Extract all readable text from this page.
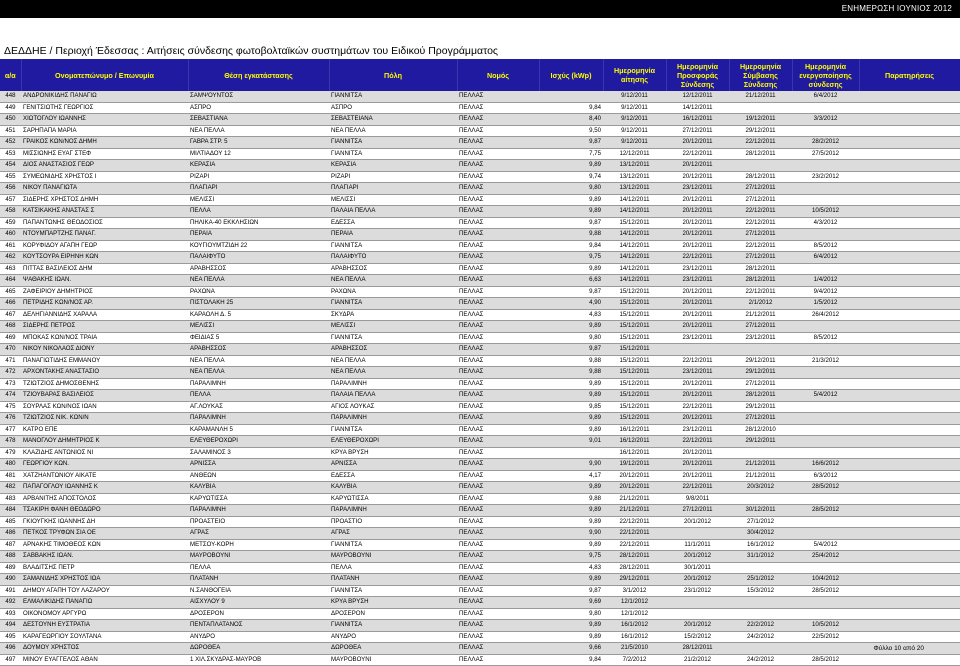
ΕΝΗΜΕΡΩΣΗ ΙΟΥΝΙΟΣ 2012
ΔΕΔΔΗΕ / Περιοχή Έδεσσας : Αιτήσεις σύνδεσης φωτοβολταϊκών συστημάτων του Ειδικού Προγράμματος
α/α	Ονοματεπώνυμο / Επωνυμία	Θέση εγκατάστασης	Πόλη	Νομός	Ισχύς (kWp)	Ημερομηνία αίτησης	Ημερομηνία Προσφοράς Σύνδεσης	Ημερομηνία Σύμβασης Σύνδεσης	Ημερομηνία ενεργοποίησης σύνδεσης	Παρατηρήσεις
448	ΑΝΔΡΟΝΙΚΙΔΗΣ ΠΑΝΑΓΙΩ	ΣΑΜΨΟΥΝΤΟΣ	ΓΙΑΝΝΙΤΣΑ	ΠΕΛΛΑΣ		9/12/2011	12/12/2011	21/12/2011	6/4/2012	
449	ΓΕΝΙΤΣΙΩΤΗΣ ΓΕΩΡΓΙΟΣ	ΑΣΠΡΟ	ΑΣΠΡΟ	ΠΕΛΛΑΣ	9,84	9/12/2011	14/12/2011			
450	ΧΙΩΤΟΓΛΟΥ ΙΩΑΝΝΗΣ	ΣΕΒΑΣΤΙΑΝΑ	ΣΕΒΑΣΤΕΙΑΝΑ	ΠΕΛΛΑΣ	8,40	9/12/2011	16/12/2011	19/12/2011	3/3/2012	
451	ΣΑΡΗΠΑΠΑ ΜΑΡΙΑ	ΝΕΑ ΠΕΛΛΑ	ΝΕΑ ΠΕΛΛΑ	ΠΕΛΛΑΣ	9,50	9/12/2011	27/12/2011	29/12/2011		
452	ΓΡΑΙΚΟΣ ΚΩΝ/ΝΟΣ ΔΗΜΗ	ΓΑΒΡΑ ΣΤΡ. 5	ΓΙΑΝΝΙΤΣΑ	ΠΕΛΛΑΣ	9,87	9/12/2011	20/12/2011	22/12/2011	28/2/2012	
453	ΜΙΣΣΙΩΝΗΣ ΕΥΑΓ ΣΤΕΦ	ΜΙΛΤΙΑΔΟΥ 12	ΓΙΑΝΝΙΤΣΑ	ΠΕΛΛΑΣ	7,75	12/12/2011	22/12/2011	28/12/2011	27/5/2012	
454	ΔΙΟΣ ΑΝΑΣΤΑΣΙΟΣ ΓΕΩΡ	ΚΕΡΑΣΙΑ	ΚΕΡΑΣΙΑ	ΠΕΛΛΑΣ	9,89	13/12/2011	20/12/2011			
455	ΣΥΜΕΩΝΙΔΗΣ ΧΡΗΣΤΟΣ Ι	ΡΙΖΑΡΙ	ΡΙΖΑΡΙ	ΠΕΛΛΑΣ	9,74	13/12/2011	20/12/2011	28/12/2011	23/2/2012	
456	ΝΙΚΟΥ ΠΑΝΑΓΙΩΤΑ	ΠΛΑΓΙΑΡΙ	ΠΛΑΓΙΑΡΙ	ΠΕΛΛΑΣ	9,80	13/12/2011	23/12/2011	27/12/2011		
457	ΣΙΔΕΡΗΣ ΧΡΗΣΤΟΣ ΔΗΜΗ	ΜΕΛΙΣΣΙ	ΜΕΛΙΣΣΙ	ΠΕΛΛΑΣ	9,89	14/12/2011	20/12/2011	27/12/2011		
458	ΚΑΤΣΙΚΑΚΗΣ ΑΝΑΣΤΑΣ Σ	ΠΕΛΛΑ	ΠΑΛΑΙΑ ΠΕΛΛΑ	ΠΕΛΛΑΣ	9,89	14/12/2011	20/12/2011	22/12/2011	10/5/2012	
459	ΠΑΠΑΝΤΩΝΗΣ ΘΕΟΔΟΣΙΟΣ	ΠΗΛΙΚΑ-40 ΕΚΚΛΗΣΙΩΝ	ΕΔΕΣΣΑ	ΠΕΛΛΑΣ	9,87	15/12/2011	20/12/2011	22/12/2011	4/3/2012	
460	ΝΤΟΥΜΠΑΡΤΖΗΣ ΠΑΝΑΓ.	ΠΕΡΑΙΑ	ΠΕΡΑΙΑ	ΠΕΛΛΑΣ	9,88	14/12/2011	20/12/2011	27/12/2011		
461	ΚΟΡΥΦΙΔΟΥ ΑΓΑΠΗ ΓΕΩΡ	ΚΟΥΓΙΟΥΜΤΖΙΔΗ 22	ΓΙΑΝΝΙΤΣΑ	ΠΕΛΛΑΣ	9,84	14/12/2011	20/12/2011	22/12/2011	8/5/2012	
462	ΚΟΥΤΣΟΥΡΑ ΕΙΡΗΝΗ ΚΩΝ	ΠΑΛΑΙΦΥΤΟ	ΠΑΛΑΙΦΥΤΟ	ΠΕΛΛΑΣ	9,75	14/12/2011	22/12/2011	27/12/2011	6/4/2012	
463	ΠΙΤΤΑΣ ΒΑΣΙΛΕΙΟΣ ΔΗΜ	ΑΡΑΒΗΣΣΟΣ	ΑΡΑΒΗΣΣΟΣ	ΠΕΛΛΑΣ	9,89	14/12/2011	23/12/2011	28/12/2011		
464	ΨΑΘΑΚΗΣ ΙΩΑΝ.	ΝΕΑ ΠΕΛΛΑ	ΝΕΑ ΠΕΛΛΑ	ΠΕΛΛΑΣ	6,63	14/12/2011	23/12/2011	28/12/2011	1/4/2012	
465	ΖΑΦΕΙΡΙΟΥ ΔΗΜΗΤΡΙΟΣ	ΡΑΧΩΝΑ	ΡΑΧΩΝΑ	ΠΕΛΛΑΣ	9,87	15/12/2011	20/12/2011	22/12/2011	9/4/2012	
466	ΠΕΤΡΙΔΗΣ ΚΩΝ/ΝΟΣ ΑΡ.	ΠΙΣΤΟΛΑΚΗ 25	ΓΙΑΝΝΙΤΣΑ	ΠΕΛΛΑΣ	4,90	15/12/2011	20/12/2011	2/1/2012	1/5/2012	
467	ΔΕΛΗΓΙΑΝΝΙΔΗΣ ΧΑΡΑΛΑ	ΚΑΡΑΟΛΗ Δ. 5	ΣΚΥΔΡΑ	ΠΕΛΛΑΣ	4,83	15/12/2011	20/12/2011	21/12/2011	26/4/2012	
468	ΣΙΔΕΡΗΣ ΠΕΤΡΟΣ	ΜΕΛΙΣΣΙ	ΜΕΛΙΣΣΙ	ΠΕΛΛΑΣ	9,89	15/12/2011	20/12/2011	27/12/2011		
469	ΜΠΟΚΑΣ ΚΩΝ/ΝΟΣ ΤΡΑΙΑ	ΦΕΙΔΙΑΣ 5	ΓΙΑΝΝΙΤΣΑ	ΠΕΛΛΑΣ	9,80	15/12/2011	23/12/2011	23/12/2011	8/5/2012	
470	ΝΙΚΟΥ ΝΙΚΟΛΑΟΣ ΔΙΟΝΥ	ΑΡΑΒΗΣΣΟΣ	ΑΡΑΒΗΣΣΟΣ	ΠΕΛΛΑΣ	9,87	15/12/2011				
471	ΠΑΝΑΓΙΩΤΙΔΗΣ ΕΜΜΑΝΟΥ	ΝΕΑ ΠΕΛΛΑ	ΝΕΑ ΠΕΛΛΑ	ΠΕΛΛΑΣ	9,88	15/12/2011	22/12/2011	29/12/2011	21/3/2012	
472	ΑΡΧΟΝΤΑΚΗΣ ΑΝΑΣΤΑΣΙΟ	ΝΕΑ ΠΕΛΛΑ	ΝΕΑ ΠΕΛΛΑ	ΠΕΛΛΑΣ	9,88	15/12/2011	23/12/2011	29/12/2011		
473	ΤΖΙΩΤΖΙΟΣ ΔΗΜΟΣΘΕΝΗΣ	ΠΑΡΑΛΙΜΝΗ	ΠΑΡΑΛΙΜΝΗ	ΠΕΛΛΑΣ	9,89	15/12/2011	20/12/2011	27/12/2011		
474	ΤΖΙΟΥΒΑΡΑΣ ΒΑΣΙΛΕΙΟΣ	ΠΕΛΛΑ	ΠΑΛΑΙΑ ΠΕΛΛΑ	ΠΕΛΛΑΣ	9,89	15/12/2011	20/12/2011	28/12/2011	5/4/2012	
475	ΣΟΥΡΛΑΣ ΚΩΝ/ΝΟΣ ΙΩΑΝ	ΑΓ.ΛΟΥΚΑΣ	ΑΓΙΟΣ ΛΟΥΚΑΣ	ΠΕΛΛΑΣ	9,85	15/12/2011	22/12/2011	29/12/2011		
476	ΤΖΙΩΤΖΙΟΣ ΝΙΚ. ΚΩΝ/Ν	ΠΑΡΑΛΙΜΝΗ	ΠΑΡΑΛΙΜΝΗ	ΠΕΛΛΑΣ	9,89	15/12/2011	20/12/2011	27/12/2011		
477	ΚΑΤΡΟ ΕΠΕ	ΚΑΡΑΜΑΝΛΗ 5	ΓΙΑΝΝΙΤΣΑ	ΠΕΛΛΑΣ	9,89	16/12/2011	23/12/2011	28/12/2010		
478	ΜΑΝΟΓΛΟΥ ΔΗΜΗΤΡΙΟΣ Κ	ΕΛΕΥΘΕΡΟΧΩΡΙ	ΕΛΕΥΘΕΡΟΧΩΡΙ	ΠΕΛΛΑΣ	9,01	16/12/2011	22/12/2011	29/12/2011		
479	ΚΛΑΖΙΔΗΣ ΑΝΤΩΝΙΟΣ ΝΙ	ΣΑΛΑΜΙΝΟΣ 3	ΚΡΥΑ ΒΡΥΣΗ	ΠΕΛΛΑΣ		16/12/2011	20/12/2011			
480	ΓΕΩΡΓΙΟΥ ΚΩΝ.	ΑΡΝΙΣΣΑ	ΑΡΝΙΣΣΑ	ΠΕΛΛΑΣ	9,90	19/12/2011	20/12/2011	21/12/2011	16/6/2012	
481	ΧΑΤΖΗΑΝΤΩΝΙΟΥ ΑΙΚΑΤΕ	ΑΝΘΕΩΝ	ΕΔΕΣΣΑ	ΠΕΛΛΑΣ	4,17	20/12/2011	20/12/2011	21/12/2011	6/3/2012	
482	ΠΑΠΑΓΟΓΛΟΥ ΙΩΑΝΝΗΣ Κ	ΚΑΛΥΒΙΑ	ΚΑΛΥΒΙΑ	ΠΕΛΛΑΣ	9,89	20/12/2011	22/12/2011	20/3/2012	28/5/2012	
483	ΑΡΒΑΝΙΤΗΣ ΑΠΟΣΤΟΛΟΣ	ΚΑΡΥΩΤΙΣΣΑ	ΚΑΡΥΩΤΙΣΣΑ	ΠΕΛΛΑΣ	9,88	21/12/2011	9/8/2011			
484	ΤΣΑΚΙΡΗ ΦΑΝΗ ΘΕΟΔΩΡΟ	ΠΑΡΑΛΙΜΝΗ	ΠΑΡΑΛΙΜΝΗ	ΠΕΛΛΑΣ	9,89	21/12/2011	27/12/2011	30/12/2011	28/5/2012	
485	ΓΚΙΟΥΓΚΗΣ ΙΩΑΝΝΗΣ ΔΗ	ΠΡΟΑΣΤΕΙΟ	ΠΡΟΑΣΤΙΟ	ΠΕΛΛΑΣ	9,89	22/12/2011	20/1/2012	27/1/2012		
486	ΠΕΤΚΟΣ ΤΡΥΦΩΝ ΣΙΑ ΟΕ	ΑΓΡΑΣ	ΑΓΡΑΣ	ΠΕΛΛΑΣ	9,90	22/12/2011		30/4/2012		
487	ΑΡΝΑΚΗΣ ΤΙΜΟΘΕΟΣ ΚΩΝ	ΜΕΤΣΟΥ-ΚΟΡΗ	ΓΙΑΝΝΙΤΣΑ	ΠΕΛΛΑΣ	9,89	22/12/2011	11/1/2011	16/1/2012	5/4/2012	
488	ΣΑΒΒΑΚΗΣ ΙΩΑΝ.	ΜΑΥΡΟΒΟΥΝΙ	ΜΑΥΡΟΒΟΥΝΙ	ΠΕΛΛΑΣ	9,75	28/12/2011	20/1/2012	31/1/2012	25/4/2012	
489	ΒΛΑΔΙΤΣΗΣ ΠΕΤΡ	ΠΕΛΛΑ	ΠΕΛΛΑ	ΠΕΛΛΑΣ	4,83	28/12/2011	30/1/2011			
490	ΣΑΜΑΝΙΔΗΣ ΧΡΗΣΤΟΣ ΙΩΑ	ΠΛΑΤΑΝΗ	ΠΛΑΤΑΝΗ	ΠΕΛΛΑΣ	9,89	29/12/2011	20/1/2012	25/1/2012	10/4/2012	
491	ΔΗΜΟΥ ΑΓΑΠΗ ΤΟΥ ΛΑΖΑΡΟΥ	Ν.ΣΑΝΘΟΓΕΙΑ	ΓΙΑΝΝΙΤΣΑ	ΠΕΛΛΑΣ	9,87	3/1/2012	23/1/2012	15/3/2012	28/5/2012	
492	ΕΛΜΑΛΙΚΙΔΗΣ ΠΑΝΑΓΙΩ	ΑΙΣΧΥΛΟΥ 9	ΚΡΥΑ ΒΡΥΣΗ	ΠΕΛΛΑΣ	9,69	12/1/2012				
493	ΟΙΚΟΝΟΜΟΥ ΑΡΓΥΡΩ	ΔΡΟΣΕΡΟΝ	ΔΡΟΣΕΡΟΝ	ΠΕΛΛΑΣ	9,80	12/1/2012				
494	ΔΕΣΤΟΥΝΗ ΕΥΣΤΡΑΤΙΑ	ΠΕΝΤΑΠΛΑΤΑΝΟΣ	ΓΙΑΝΝΙΤΣΑ	ΠΕΛΛΑΣ	9,89	16/1/2012	20/1/2012	22/2/2012	10/5/2012	
495	ΚΑΡΑΓΕΩΡΓΙΟΥ ΣΟΥΛΤΑΝΑ	ΑΝΥΔΡΟ	ΑΝΥΔΡΟ	ΠΕΛΛΑΣ	9,89	16/1/2012	15/2/2012	24/2/2012	22/5/2012	
496	ΔΟΥΜΟΥ ΧΡΗΣΤΟΣ	ΔΩΡΟΘΕΑ	ΔΩΡΟΘΕΑ	ΠΕΛΛΑΣ	9,66	21/5/2010	28/12/2011			
497	ΜΙΝΟΥ ΕΥΑΓΓΕΛΟΣ ΑΘΑΝ	1 ΧΙΛ.ΣΚΥΔΡΑΣ-ΜΑΥΡΟΒ	ΜΑΥΡΟΒΟΥΝΙ	ΠΕΛΛΑΣ	9,84	7/2/2012	21/2/2012	24/2/2012	28/5/2012	
Φύλλο 10 από 20
